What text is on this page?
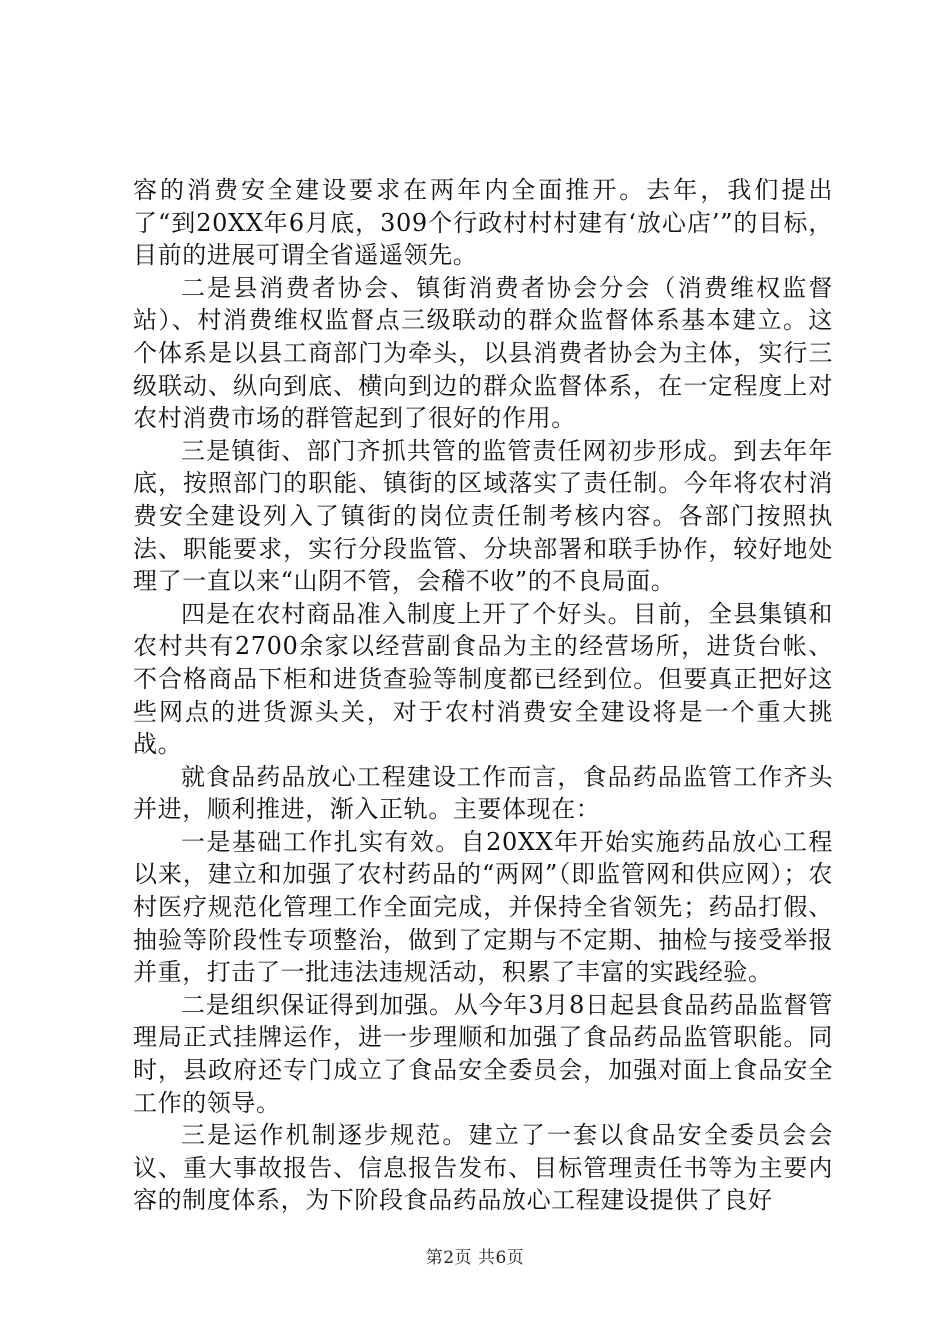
容的消费安全建设要求在两年内全面推开。去年，我们提出了“到20XX年6月底，309个行政村村村建有‘放心店’”的目标，目前的进展可谓全省遥遥领先。

二是县消费者协会、镇街消费者协会分会（消费维权监督站）、村消费维权监督点三级联动的群众监督体系基本建立。这个体系是以县工商部门为牵头，以县消费者协会为主体，实行三级联动、纵向到底、横向到边的群众监督体系，在一定程度上对农村消费市场的群管起到了很好的作用。

三是镇街、部门齐抓共管的监管责任网初步形成。到去年年底，按照部门的职能、镇街的区域落实了责任制。今年将农村消费安全建设列入了镇街的岗位责任制考核内容。各部门按照执法、职能要求，实行分段监管、分块部署和联手协作，较好地处理了一直以来“山阴不管，会稽不收”的不良局面。

四是在农村商品准入制度上开了个好头。目前，全县集镇和农村共有2700余家以经营副食品为主的经营场所，进货台帐、不合格商品下柜和进货查验等制度都已经到位。但要真正把好这些网点的进货源头关，对于农村消费安全建设将是一个重大挑战。

就食品药品放心工程建设工作而言，食品药品监管工作齐头并进，顺利推进，渐入正轨。主要体现在：

一是基础工作扎实有效。自20XX年开始实施药品放心工程以来，建立和加强了农村药品的“两网”（即监管网和供应网）；农村医疗规范化管理工作全面完成，并保持全省领先；药品打假、抽验等阶段性专项整治，做到了定期与不定期、抽检与接受举报并重，打击了一批违法违规活动，积累了丰富的实践经验。

二是组织保证得到加强。从今年3月8日起县食品药品监督管理局正式挂牌运作，进一步理顺和加强了食品药品监管职能。同时，县政府还专门成立了食品安全委员会，加强对面上食品安全工作的领导。

三是运作机制逐步规范。建立了一套以食品安全委员会会议、重大事故报告、信息报告发布、目标管理责任书等为主要内容的制度体系，为下阶段食品药品放心工程建设提供了良好

第2页 共6页
